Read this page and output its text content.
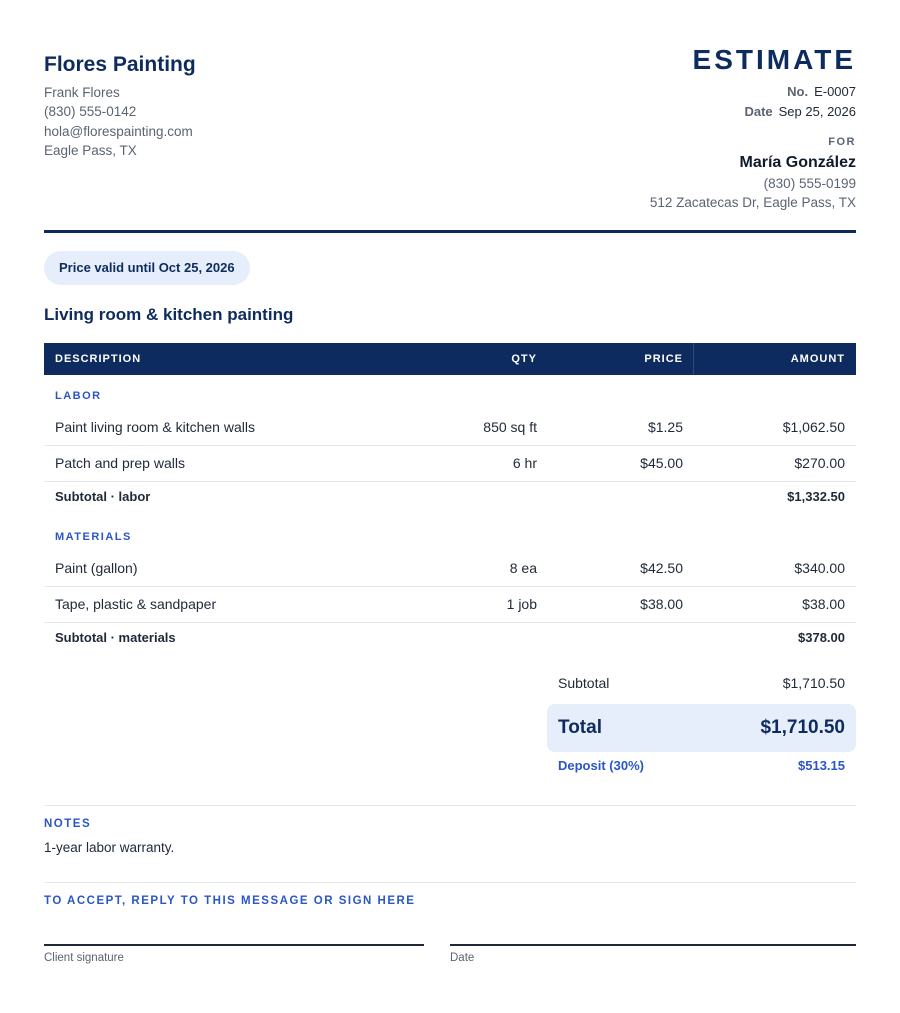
Flores Painting
Frank Flores
(830) 555-0142
hola@florespainting.com
Eagle Pass, TX
ESTIMATE
No. E-0007
Date Sep 25, 2026
FOR
María González
(830) 555-0199
512 Zacatecas Dr, Eagle Pass, TX
Price valid until Oct 25, 2026
Living room & kitchen painting
DESCRIPTION	QTY	PRICE	AMOUNT
LABOR
Paint living room & kitchen walls	850 sq ft	$1.25	$1,062.50
Patch and prep walls	6 hr	$45.00	$270.00
Subtotal · labor	$1,332.50
MATERIALS
Paint (gallon)	8 ea	$42.50	$340.00
Tape, plastic & sandpaper	1 job	$38.00	$38.00
Subtotal · materials	$378.00
Subtotal	$1,710.50
Total	$1,710.50
Deposit (30%)	$513.15
NOTES
1-year labor warranty.
TO ACCEPT, REPLY TO THIS MESSAGE OR SIGN HERE
Client signature	Date
